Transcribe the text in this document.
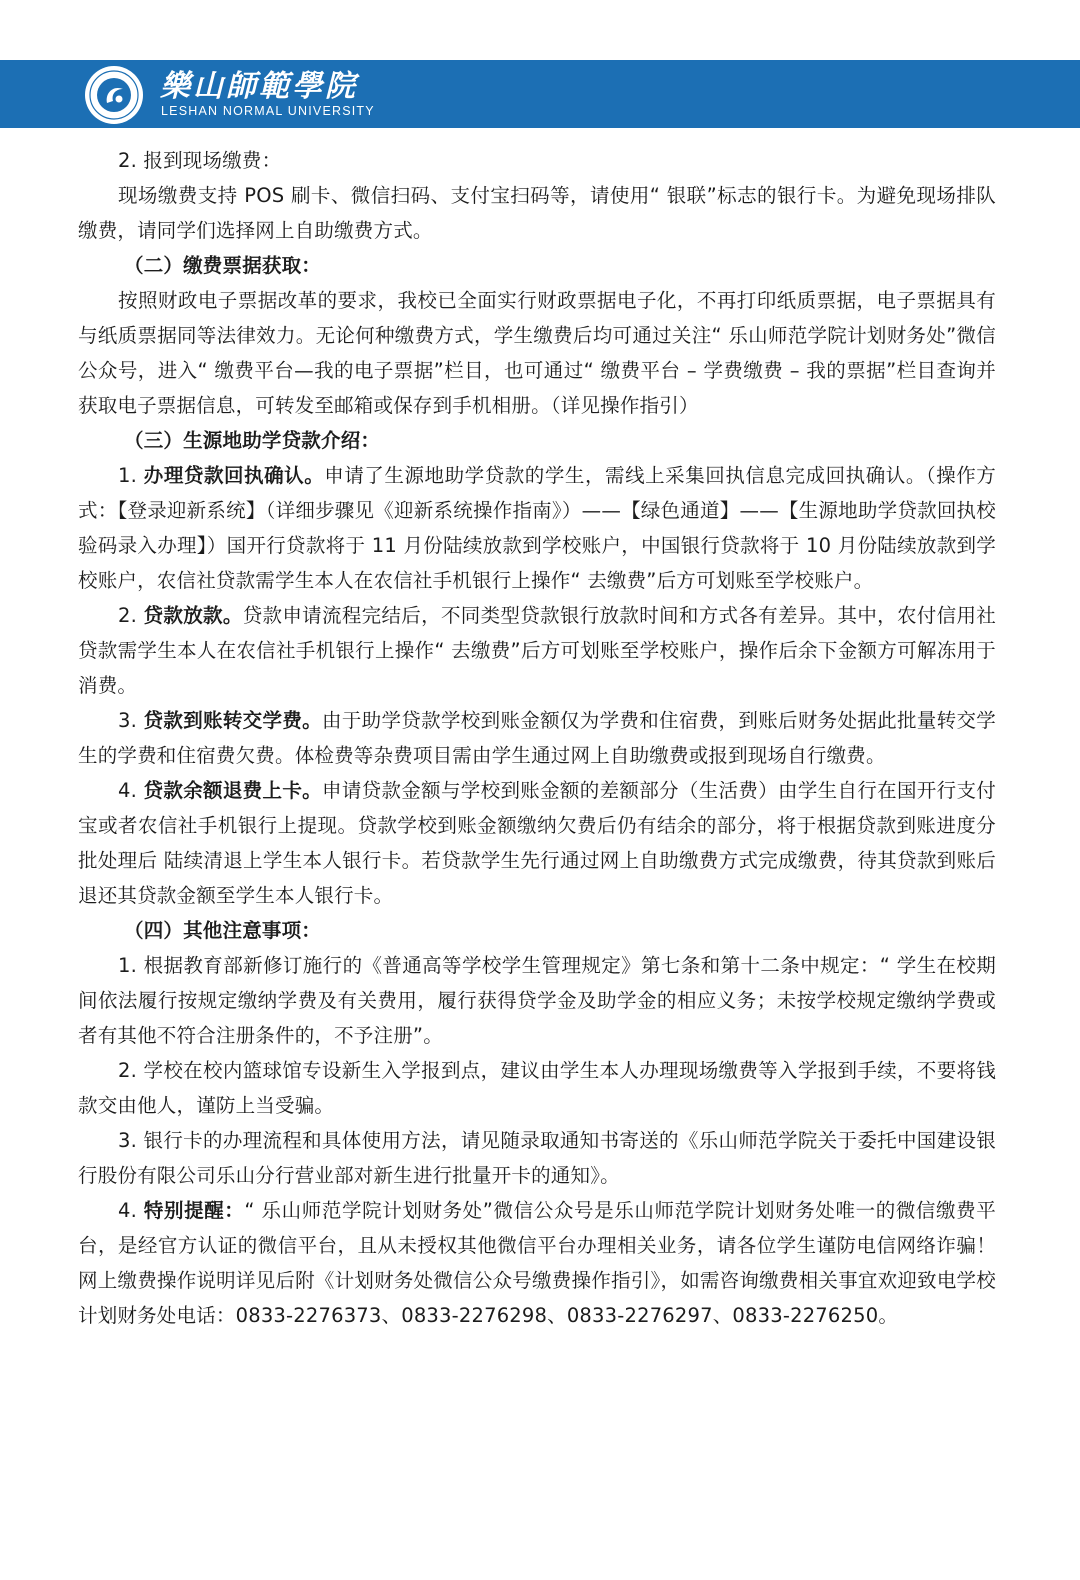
樂山師範學院
LESHAN NORMAL UNIVERSITY

2. 报到现场缴费：

现场缴费支持 POS 刷卡、微信扫码、支付宝扫码等，请使用“ 银联”标志的银行卡。为避免现场排队缴费，请同学们选择网上自助缴费方式。

（二）缴费票据获取：

按照财政电子票据改革的要求，我校已全面实行财政票据电子化，不再打印纸质票据，电子票据具有与纸质票据同等法律效力。无论何种缴费方式，学生缴费后均可通过关注“ 乐山师范学院计划财务处”微信公众号，进入“ 缴费平台—我的电子票据”栏目，也可通过“ 缴费平台 – 学费缴费 – 我的票据”栏目查询并获取电子票据信息，可转发至邮箱或保存到手机相册。（详见操作指引）

（三）生源地助学贷款介绍：

1. 办理贷款回执确认。申请了生源地助学贷款的学生，需线上采集回执信息完成回执确认。（操作方式：【登录迎新系统】（详细步骤见《迎新系统操作指南》）——【绿色通道】——【生源地助学贷款回执校验码录入办理】）国开行贷款将于 11 月份陆续放款到学校账户，中国银行贷款将于 10 月份陆续放款到学校账户，农信社贷款需学生本人在农信社手机银行上操作“ 去缴费”后方可划账至学校账户。

2. 贷款放款。贷款申请流程完结后，不同类型贷款银行放款时间和方式各有差异。其中，农付信用社贷款需学生本人在农信社手机银行上操作“ 去缴费”后方可划账至学校账户，操作后余下金额方可解冻用于消费。

3. 贷款到账转交学费。由于助学贷款学校到账金额仅为学费和住宿费，到账后财务处据此批量转交学生的学费和住宿费欠费。体检费等杂费项目需由学生通过网上自助缴费或报到现场自行缴费。

4. 贷款余额退费上卡。申请贷款金额与学校到账金额的差额部分（生活费）由学生自行在国开行支付宝或者农信社手机银行上提现。贷款学校到账金额缴纳欠费后仍有结余的部分，将于根据贷款到账进度分批处理后 陆续清退上学生本人银行卡。若贷款学生先行通过网上自助缴费方式完成缴费，待其贷款到账后退还其贷款金额至学生本人银行卡。

（四）其他注意事项：

1. 根据教育部新修订施行的《普通高等学校学生管理规定》第七条和第十二条中规定：“ 学生在校期间依法履行按规定缴纳学费及有关费用，履行获得贷学金及助学金的相应义务；未按学校规定缴纳学费或者有其他不符合注册条件的，不予注册”。

2. 学校在校内篮球馆专设新生入学报到点，建议由学生本人办理现场缴费等入学报到手续，不要将钱款交由他人，谨防上当受骗。

3. 银行卡的办理流程和具体使用方法，请见随录取通知书寄送的《乐山师范学院关于委托中国建设银行股份有限公司乐山分行营业部对新生进行批量开卡的通知》。

4. 特别提醒：“ 乐山师范学院计划财务处”微信公众号是乐山师范学院计划财务处唯一的微信缴费平台，是经官方认证的微信平台，且从未授权其他微信平台办理相关业务，请各位学生谨防电信网络诈骗！网上缴费操作说明详见后附《计划财务处微信公众号缴费操作指引》，如需咨询缴费相关事宜欢迎致电学校计划财务处电话：0833-2276373、0833-2276298、0833-2276297、0833-2276250。
